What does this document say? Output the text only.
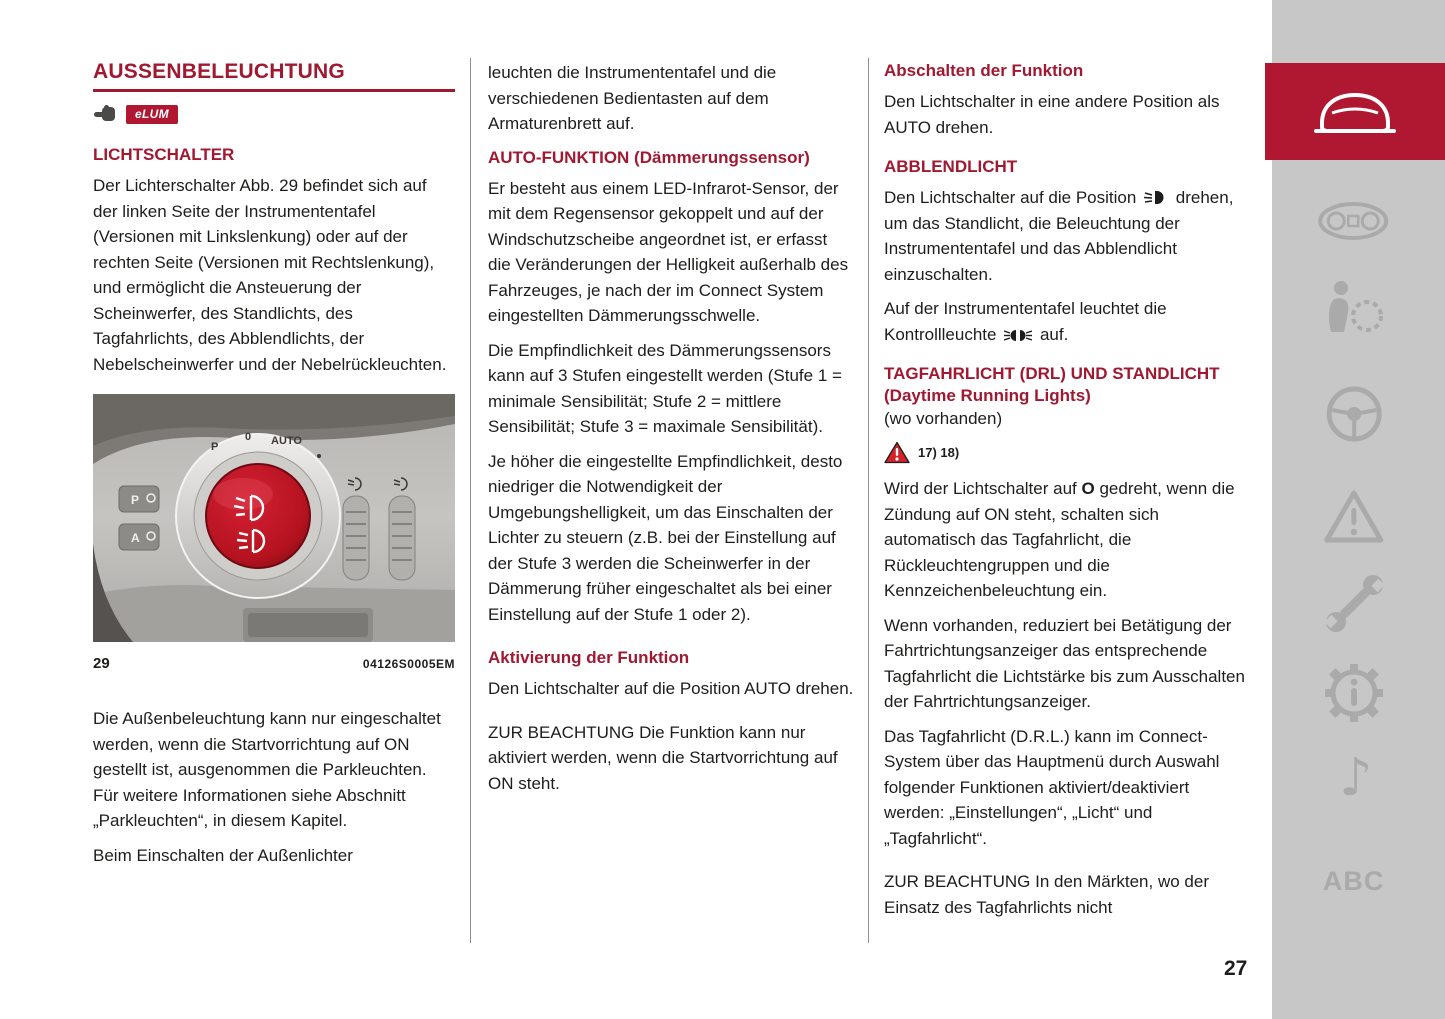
AUSSENBELEUCHTUNG
eLUM
LICHTSCHALTER

Der Lichterschalter Abb. 29 befindet sich auf der linken Seite der Instrumententafel (Versionen mit Linkslenkung) oder auf der rechten Seite (Versionen mit Rechtslenkung), und ermöglicht die Ansteuerung der Scheinwerfer, des Standlichts, des Tagfahrlichts, des Abblendlichts, der Nebelscheinwerfer und der Nebelrückleuchten.

P
0 AUTO
P
A
29	04126S0005EM

Die Außenbeleuchtung kann nur eingeschaltet werden, wenn die Startvorrichtung auf ON gestellt ist, ausgenommen die Parkleuchten. Für weitere Informationen siehe Abschnitt „Parkleuchten“, in diesem Kapitel.

Beim Einschalten der Außenlichter

leuchten die Instrumententafel und die verschiedenen Bedientasten auf dem Armaturenbrett auf.

AUTO-FUNKTION (Dämmerungssensor)

Er besteht aus einem LED-Infrarot-Sensor, der mit dem Regensensor gekoppelt und auf der Windschutzscheibe angeordnet ist, er erfasst die Veränderungen der Helligkeit außerhalb des Fahrzeuges, je nach der im Connect System eingestellten Dämmerungsschwelle.

Die Empfindlichkeit des Dämmerungssensors kann auf 3 Stufen eingestellt werden (Stufe 1 = minimale Sensibilität; Stufe 2 = mittlere Sensibilität; Stufe 3 = maximale Sensibilität).

Je höher die eingestellte Empfindlichkeit, desto niedriger die Notwendigkeit der Umgebungshelligkeit, um das Einschalten der Lichter zu steuern (z.B. bei der Einstellung auf der Stufe 3 werden die Scheinwerfer in der Dämmerung früher eingeschaltet als bei einer Einstellung auf der Stufe 1 oder 2).

Aktivierung der Funktion

Den Lichtschalter auf die Position AUTO drehen.

ZUR BEACHTUNG Die Funktion kann nur aktiviert werden, wenn die Startvorrichtung auf ON steht.

Abschalten der Funktion

Den Lichtschalter in eine andere Position als AUTO drehen.

ABBLENDLICHT

Den Lichtschalter auf die Position drehen, um das Standlicht, die Beleuchtung der Instrumententafel und das Abblendlicht einzuschalten.

Auf der Instrumententafel leuchtet die Kontrollleuchte	auf.

TAGFAHRLICHT (DRL) UND STANDLICHT (Daytime Running Lights)
(wo vorhanden)
17) 18)

Wird der Lichtschalter auf O gedreht, wenn die Zündung auf ON steht, schalten sich automatisch das Tagfahrlicht, die Rückleuchtengruppen und die Kennzeichenbeleuchtung ein.

Wenn vorhanden, reduziert bei Betätigung der Fahrtrichtungsanzeiger das entsprechende Tagfahrlicht die Lichtstärke bis zum Ausschalten der Fahrtrichtungsanzeiger.

Das Tagfahrlicht (D.R.L.) kann im Connect-System über das Hauptmenü durch Auswahl folgender Funktionen aktiviert/deaktiviert werden: „Einstellungen“, „Licht“ und „Tagfahrlicht“.

ZUR BEACHTUNG In den Märkten, wo der Einsatz des Tagfahrlichts nicht

♪
ABC
27
